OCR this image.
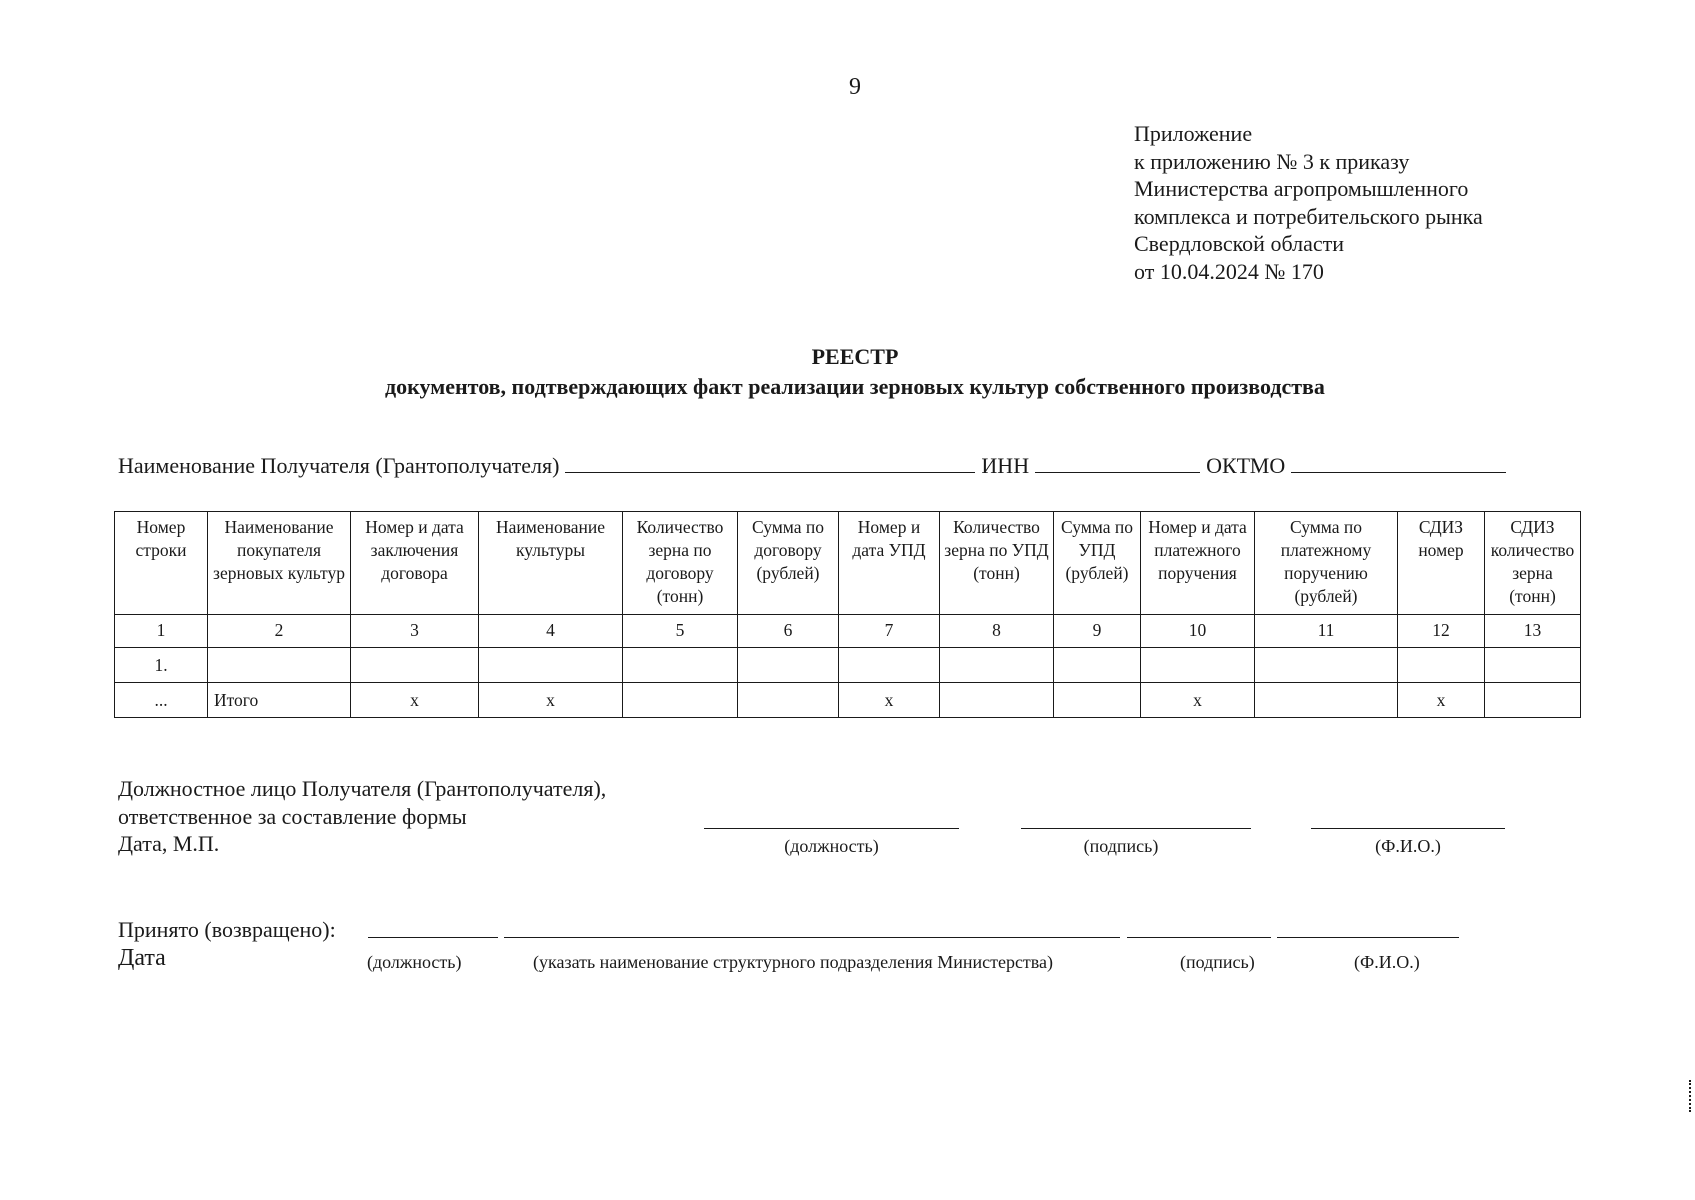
9
Приложение
к приложению № 3 к приказу
Министерства агропромышленного
комплекса и потребительского рынка
Свердловской области
от 10.04.2024 № 170
РЕЕСТР
документов, подтверждающих факт реализации зерновых культур собственного производства
Наименование Получателя (Грантополучателя)	ИНН	ОКТМО
Номер строки	Наименование покупателя зерновых культур	Номер и дата заключения договора	Наименование культуры	Количество зерна по договору (тонн)	Сумма по договору (рублей)	Номер и дата УПД	Количество зерна по УПД (тонн)	Сумма по УПД (рублей)	Номер и дата платежного поручения	Сумма по платежному поручению (рублей)	СДИЗ номер	СДИЗ количество зерна (тонн)
1	2	3	4	5	6	7	8	9	10	11	12	13
1.												
...	Итого	х	х			х			х		х	
Должностное лицо Получателя (Грантополучателя),
ответственное за составление формы
Дата, М.П.	(должность)	(подпись)	(Ф.И.О.)
Принято (возвращено):
Дата	(должность)	(указать наименование структурного подразделения Министерства)	(подпись)	(Ф.И.О.)
